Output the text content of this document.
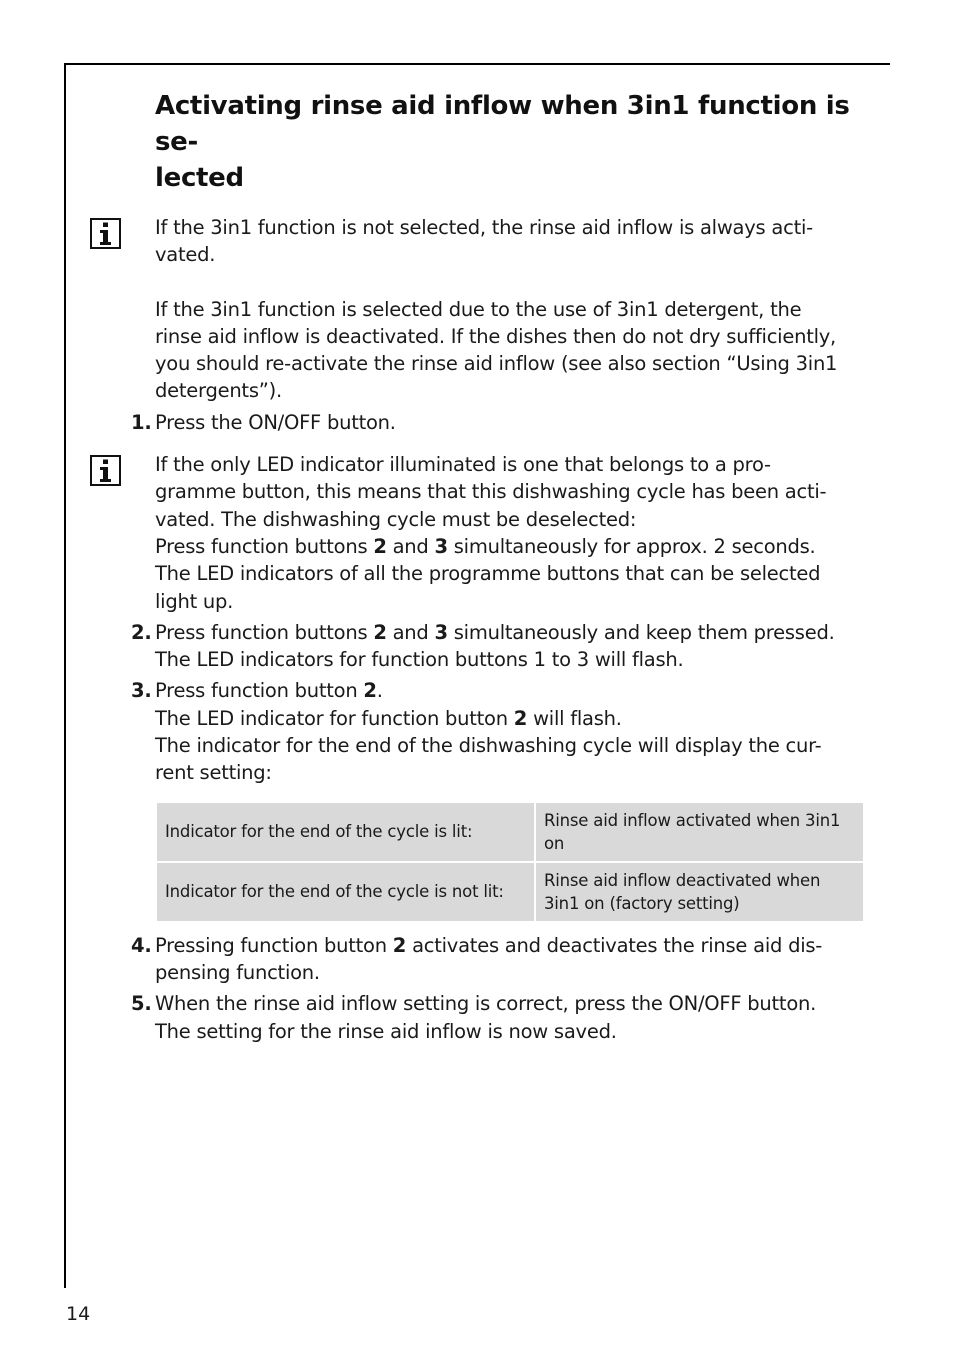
Activating rinse aid inflow when 3in1 function is se-
lected

If the 3in1 function is not selected, the rinse aid inflow is always acti-
vated.

If the 3in1 function is selected due to the use of 3in1 detergent, the
rinse aid inflow is deactivated. If the dishes then do not dry sufficiently,
you should re-activate the rinse aid inflow (see also section “Using 3in1
detergents”).

1. Press the ON/OFF button.

If the only LED indicator illuminated is one that belongs to a pro-
gramme button, this means that this dishwashing cycle has been acti-
vated. The dishwashing cycle must be deselected:
Press function buttons 2 and 3 simultaneously for approx. 2 seconds.
The LED indicators of all the programme buttons that can be selected
light up.

2. Press function buttons 2 and 3 simultaneously and keep them pressed.
The LED indicators for function buttons 1 to 3 will flash.
3. Press function button 2.
The LED indicator for function button 2 will flash.
The indicator for the end of the dishwashing cycle will display the cur-
rent setting:
Indicator for the end of the cycle is lit:	Rinse aid inflow activated when 3in1
on
Indicator for the end of the cycle is not lit:	Rinse aid inflow deactivated when
3in1 on (factory setting)
4. Pressing function button 2 activates and deactivates the rinse aid dis-
pensing function.
5. When the rinse aid inflow setting is correct, press the ON/OFF button.
The setting for the rinse aid inflow is now saved.
14
